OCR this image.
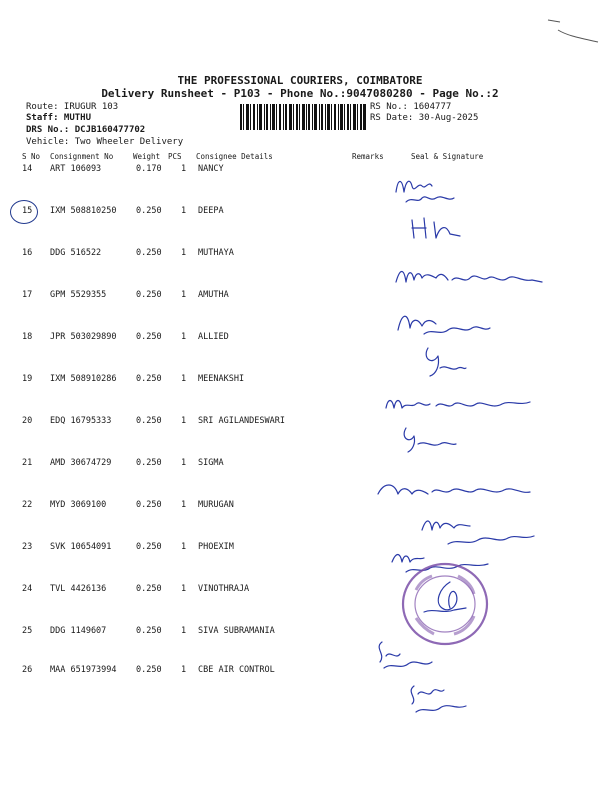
THE PROFESSIONAL COURIERS, COIMBATORE
Delivery Runsheet - P103 - Phone No.:9047080280 - Page No.:2
Route: IRUGUR 103
Staff: MUTHU
DRS No.: DCJB160477702
Vehicle: Two Wheeler Delivery
RS No.: 1604777
RS Date: 30-Aug-2025
S No Consignment No	Weight PCS Consignee Details	Remarks	Seal & Signature
14 ART 106093	0.170 1 NANCY
15 IXM 508810250 0.250 1 DEEPA
16 DDG 516522	0.250 1 MUTHAYA
17 GPM 5529355	0.250 1 AMUTHA
18 JPR 503029890 0.250 1 ALLIED
19 IXM 508910286 0.250 1 MEENAKSHI
20 EDQ 16795333	0.250 1 SRI AGILANDESWARI
21 AMD 30674729	0.250 1 SIGMA
22 MYD 3069100	0.250 1 MURUGAN
23 SVK 10654091	0.250 1 PHOEXIM
24 TVL 4426136	0.250 1 VINOTHRAJA
25 DDG 1149607	0.250 1 SIVA SUBRAMANIA
26 MAA 651973994 0.250 1 CBE AIR CONTROL
